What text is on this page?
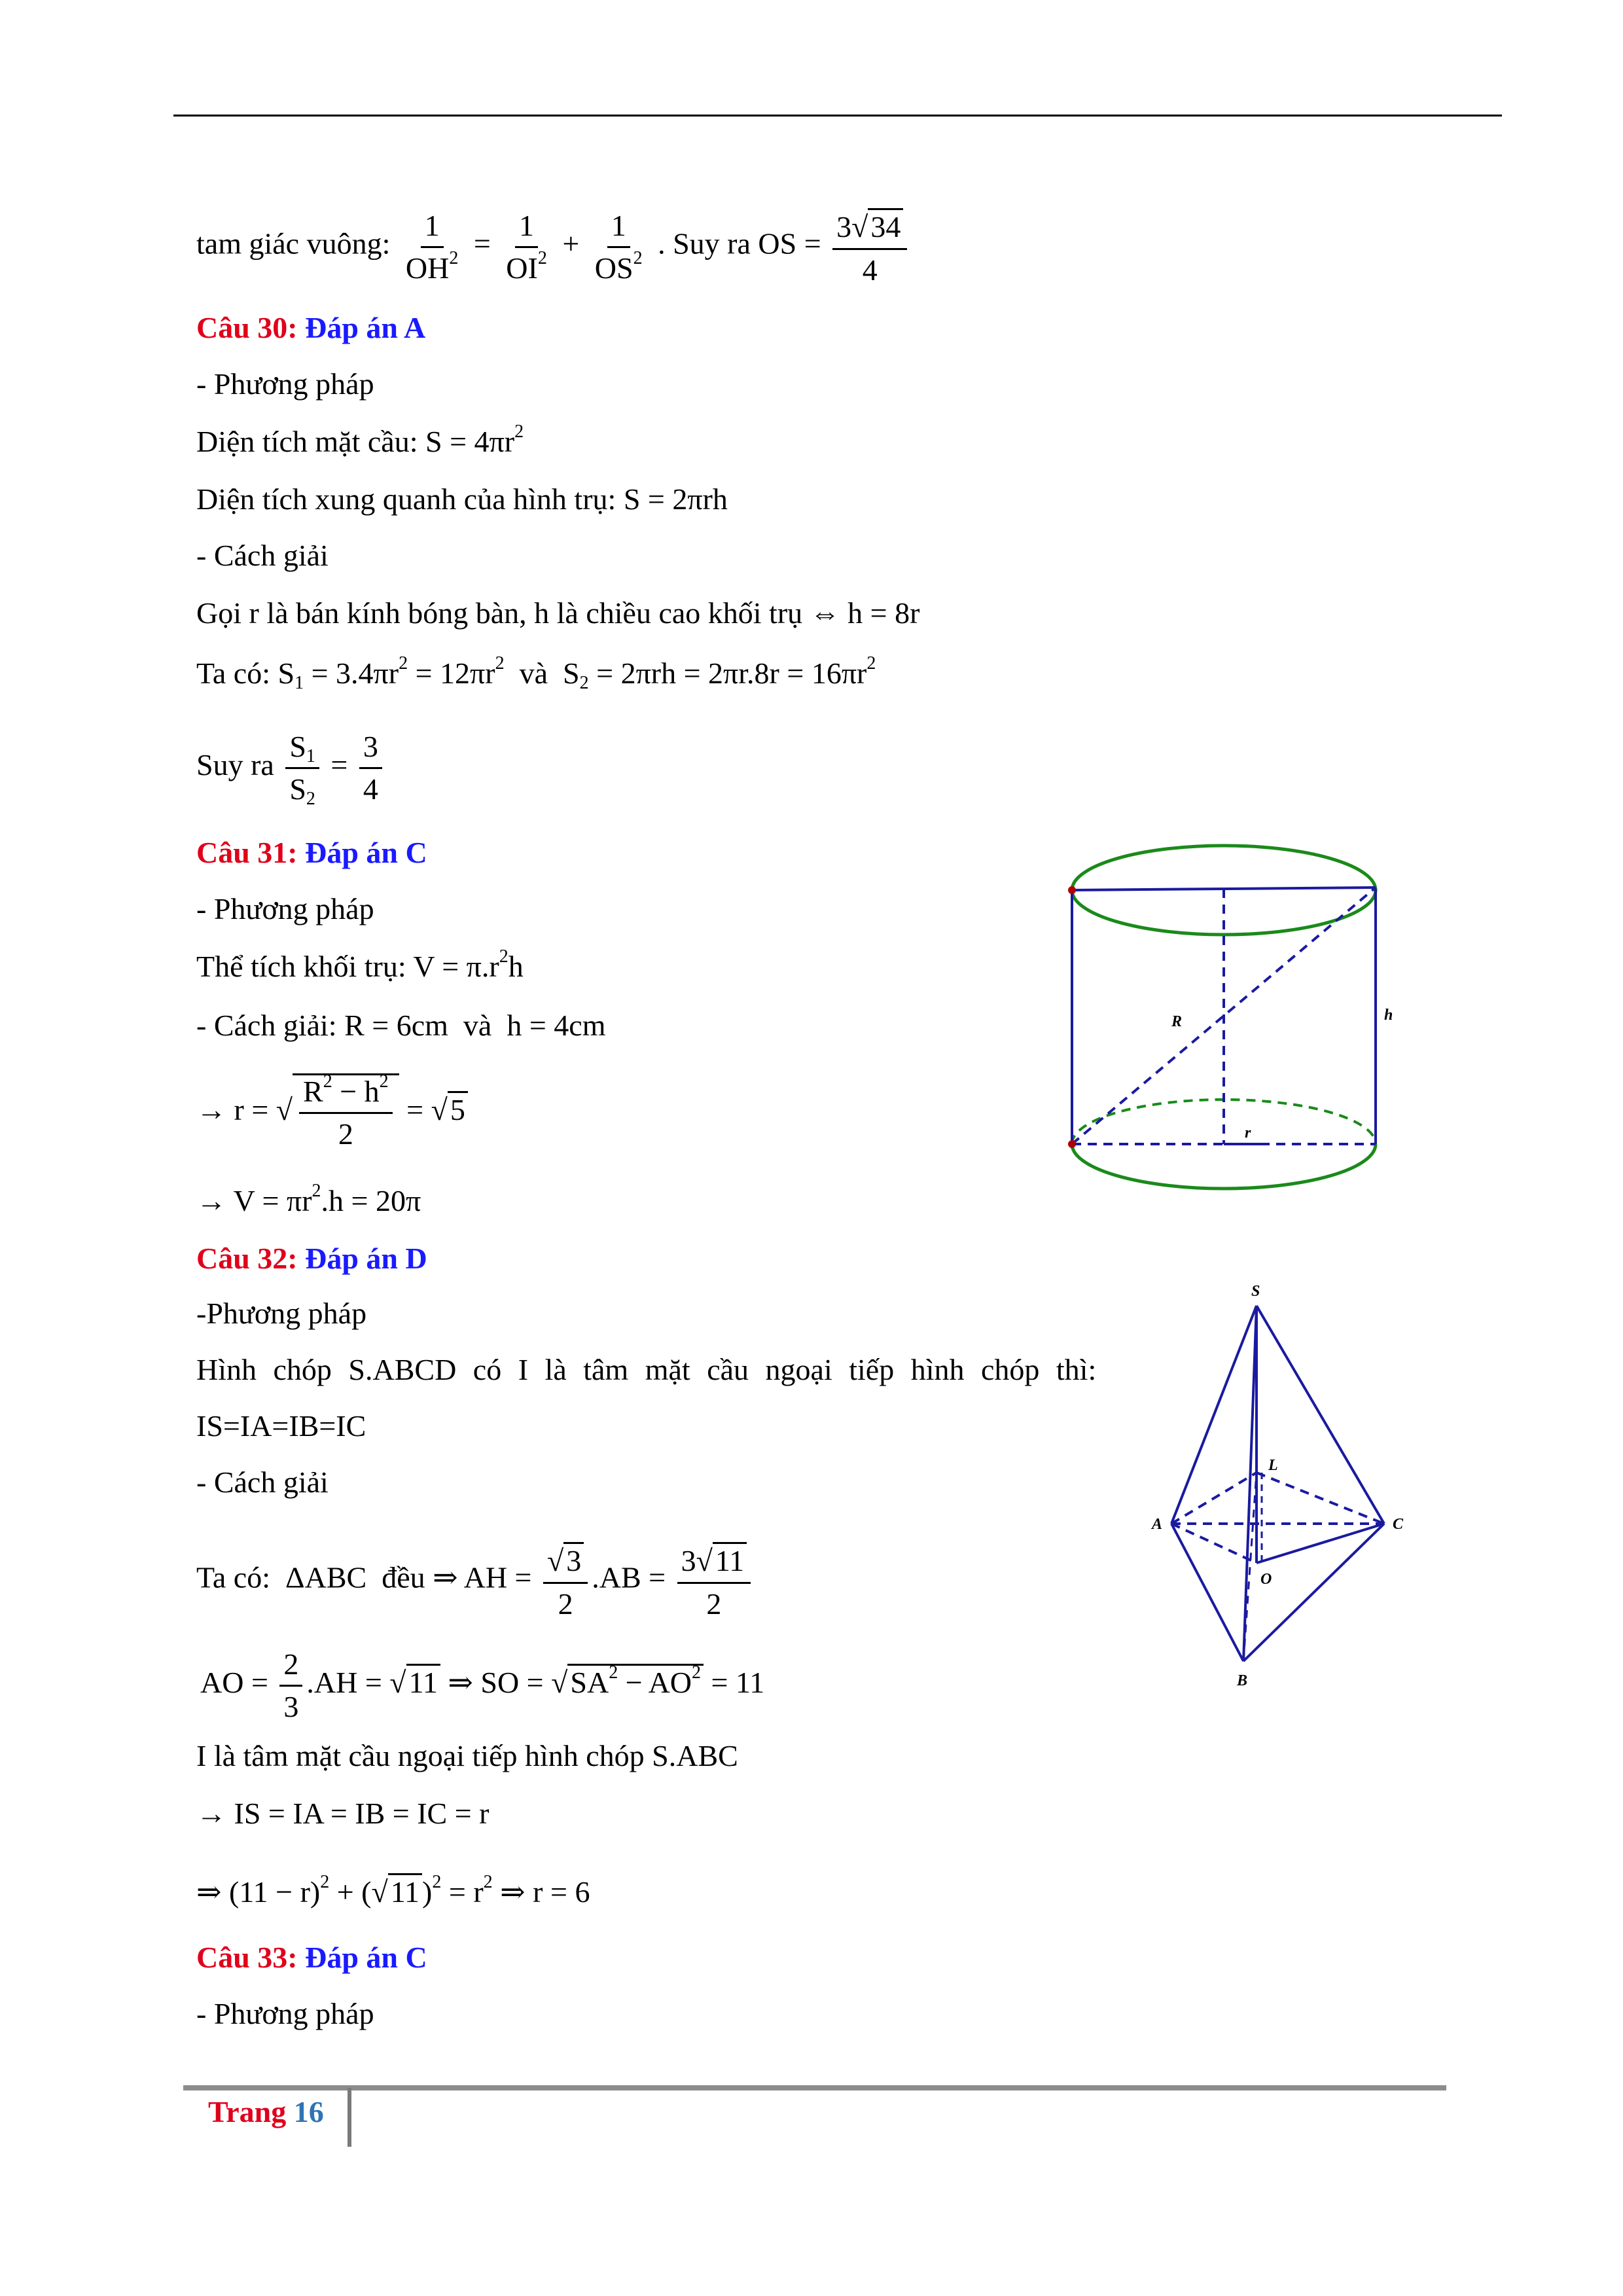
tam giác vuông: $\frac{1}{OH^2} = \frac{1}{OI^2} + \frac{1}{OS^2}$ . Suy ra OS = $\frac{3√34}{4}$
Câu 30: Đáp án A
- Phương pháp
Diện tích mặt cầu: $S = 4\pi r^2$
Diện tích xung quanh của hình trụ: S = 2πrh
- Cách giải
Gọi r là bán kính bóng bàn, h là chiều cao khối trụ ⇔ h = 8r
Ta có: $S_1 = 3.4\pi r^2 = 12\pi r^2$ và $S_2 = 2\pi rh = 2\pi r.8r = 16\pi r^2$
Suy ra $\frac{S_1}{S_2} = \frac{3}{4}$
Câu 31: Đáp án C
- Phương pháp
Thể tích khối trụ: $V = \pi.r^2h$
- Cách giải: R = 6cm và h = 4cm
→ r = √ $\frac{R^2 - h^2}{2} = √5$
→ $V = \pi r^2.h = 20\pi$
R	h
r
Câu 32: Đáp án D
-Phương pháp
Hình chóp S.ABCD có I là tâm mặt cầu ngoại tiếp hình chóp thì:
IS=IA=IB=IC
- Cách giải
Ta có: ΔABC đều ⇒ AH = $\frac{√3}{2} .AB = \frac{3√11}{2}$
AO = $\frac{2}{3} .AH = √11$ ⇒ SO = $√SA^2 - AO^2 = 11$
I là tâm mặt cầu ngoại tiếp hình chóp S.ABC
→ IS = IA = IB = IC = r
⇒ $(11 - r)^2 + (√11)^2 = r^2$ ⇒ r = 6
S
L
A	C
O
B
Câu 33: Đáp án C
- Phương pháp
Trang 16
